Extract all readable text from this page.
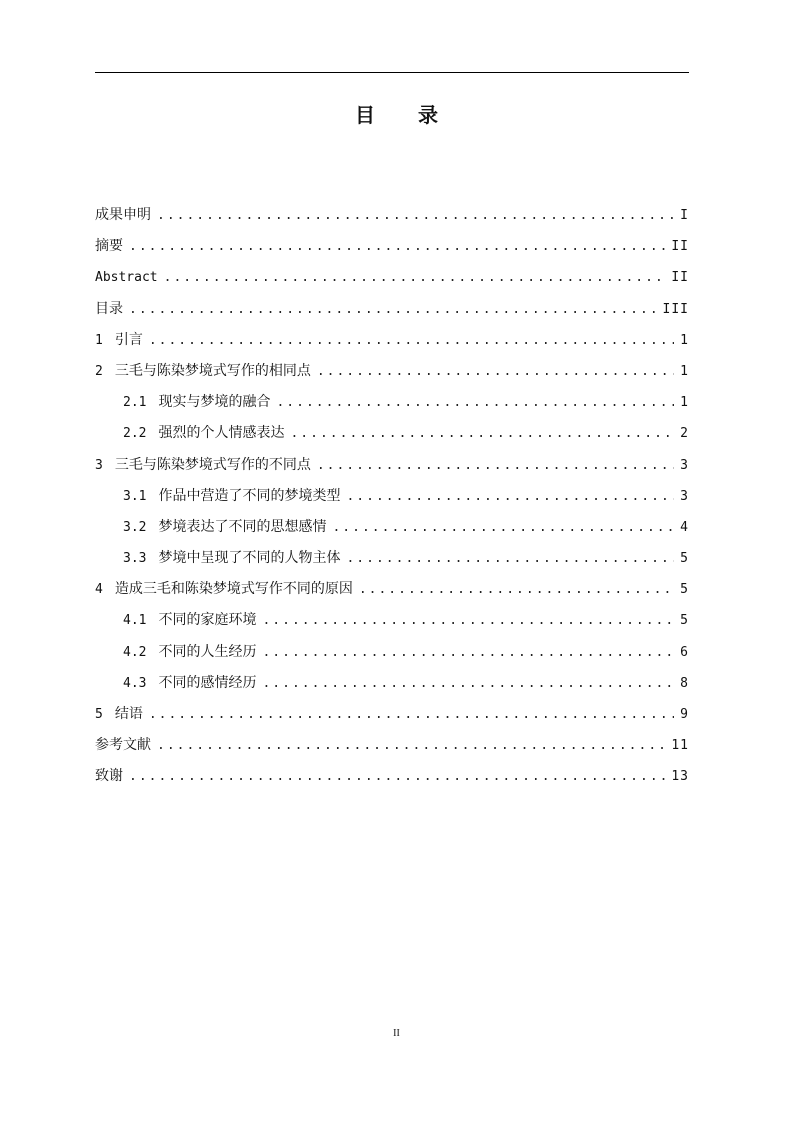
目 录
成果申明 .....	I
摘要 .....	II
Abstract .....	II
目录 .....	III
1 引言 .....	1
2 三毛与陈染梦境式写作的相同点 .....	1
2.1 现实与梦境的融合 .....	1
2.2 强烈的个人情感表达 .....	2
3 三毛与陈染梦境式写作的不同点 .....	3
3.1 作品中营造了不同的梦境类型 .....	3
3.2 梦境表达了不同的思想感情 .....	4
3.3 梦境中呈现了不同的人物主体 .....	5
4 造成三毛和陈染梦境式写作不同的原因 .....	5
4.1 不同的家庭环境 .....	5
4.2 不同的人生经历 .....	6
4.3 不同的感情经历 .....	8
5 结语 .....	9
参考文献 .....	11
致谢 .....	13
II
